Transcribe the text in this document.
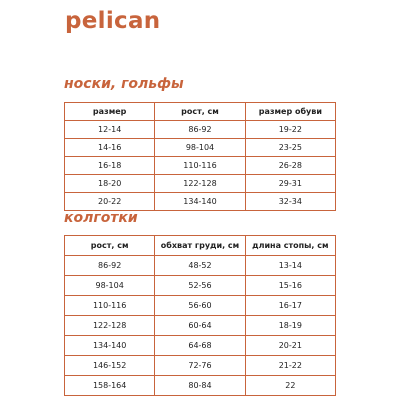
pelican
носки, гольфы
размер	рост, см	размер обуви
12-14	86-92	19-22
14-16	98-104	23-25
16-18	110-116	26-28
18-20	122-128	29-31
20-22	134-140	32-34
колготки
рост, см	обхват груди, см	длина стопы, см
86-92	48-52	13-14
98-104	52-56	15-16
110-116	56-60	16-17
122-128	60-64	18-19
134-140	64-68	20-21
146-152	72-76	21-22
158-164	80-84	22
